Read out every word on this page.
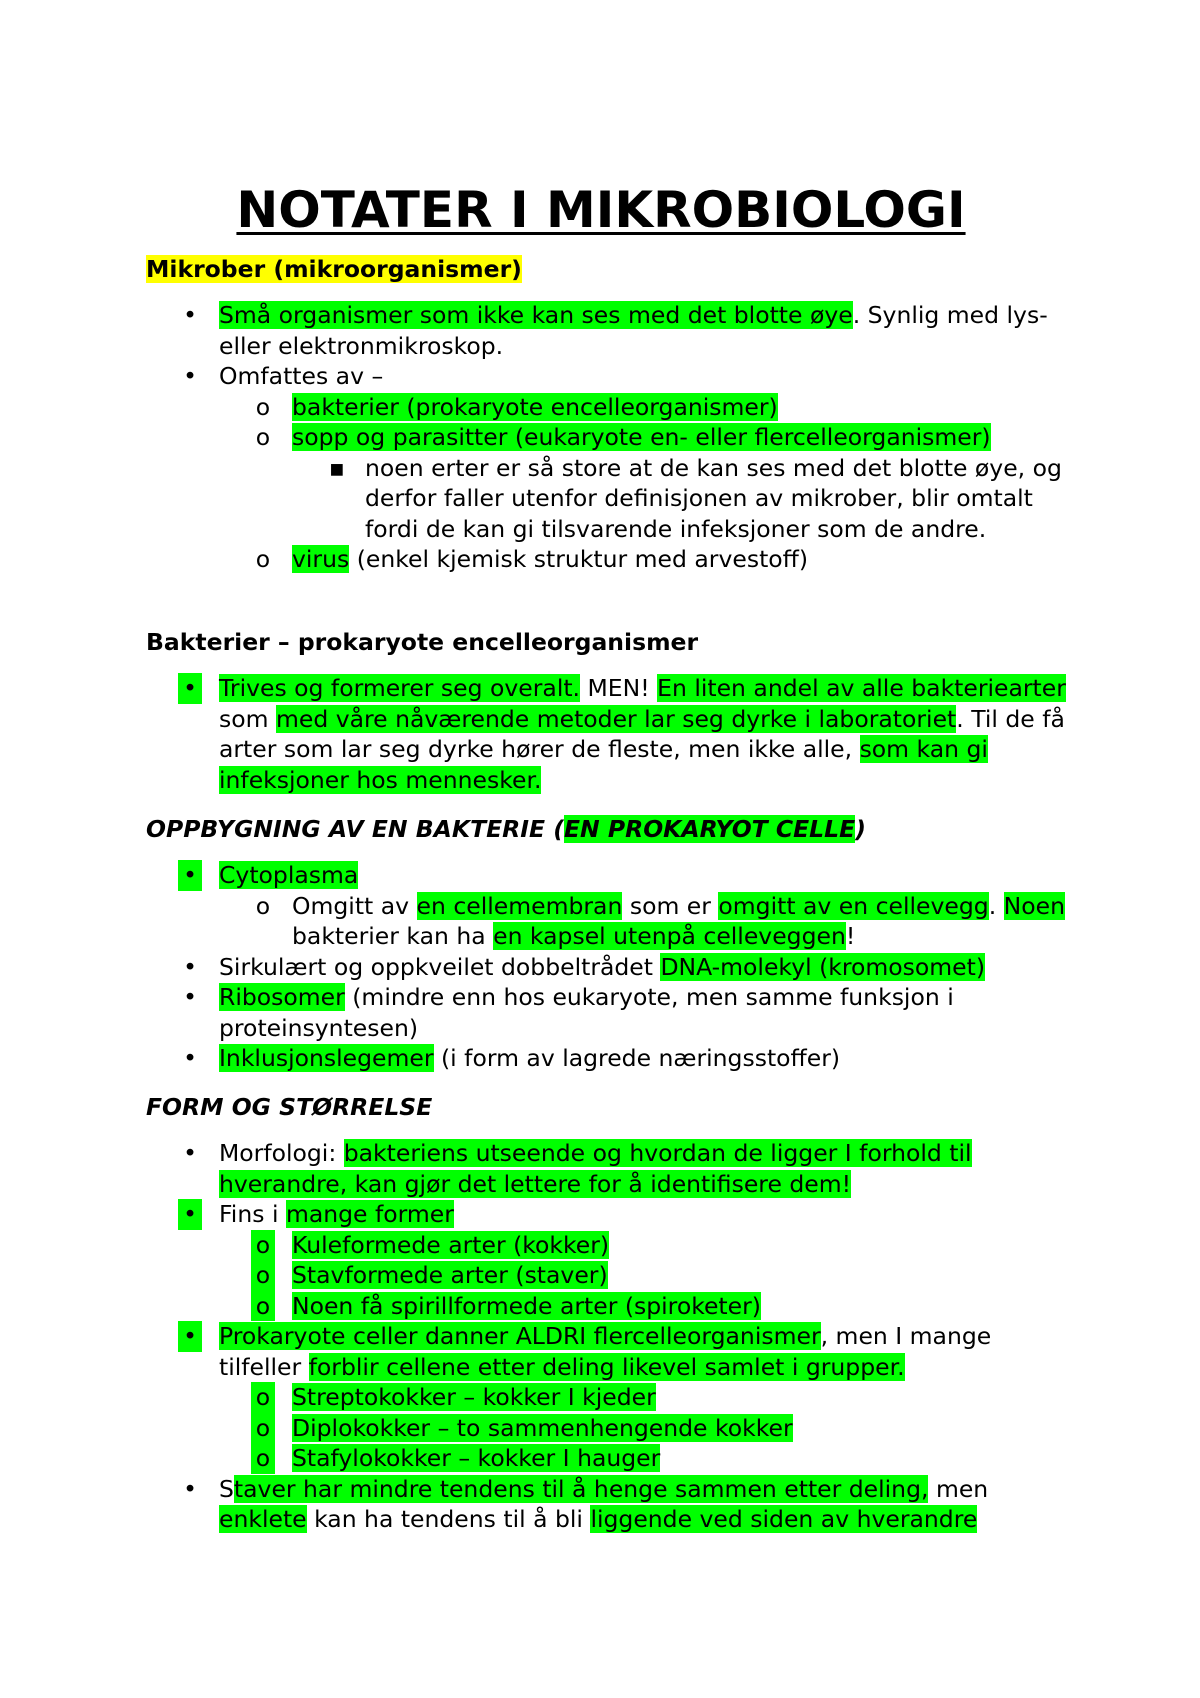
NOTATER I MIKROBIOLOGI
Mikrober (mikroorganismer)
• Små organismer som ikke kan ses med det blotte øye. Synlig med lys- eller elektronmikroskop.
• Omfattes av –
o bakterier (prokaryote encelleorganismer)
o sopp og parasitter (eukaryote en- eller flercelleorganismer)
▪ noen erter er så store at de kan ses med det blotte øye, og derfor faller utenfor definisjonen av mikrober, blir omtalt fordi de kan gi tilsvarende infeksjoner som de andre.
o virus (enkel kjemisk struktur med arvestoff)
Bakterier – prokaryote encelleorganismer
• Trives og formerer seg overalt. MEN! En liten andel av alle bakteriearter som med våre nåværende metoder lar seg dyrke i laboratoriet. Til de få arter som lar seg dyrke hører de fleste, men ikke alle, som kan gi infeksjoner hos mennesker.
OPPBYGNING AV EN BAKTERIE (EN PROKARYOT CELLE)
• Cytoplasma
o Omgitt av en cellemembran som er omgitt av en cellevegg. Noen bakterier kan ha en kapsel utenpå celleveggen!
• Sirkulært og oppkveilet dobbeltrådet DNA-molekyl (kromosomet)
• Ribosomer (mindre enn hos eukaryote, men samme funksjon i proteinsyntesen)
• Inklusjonslegemer (i form av lagrede næringsstoffer)
FORM OG STØRRELSE
• Morfologi: bakteriens utseende og hvordan de ligger I forhold til hverandre, kan gjør det lettere for å identifisere dem!
• Fins i mange former
o Kuleformede arter (kokker)
o Stavformede arter (staver)
o Noen få spirillformede arter (spiroketer)
• Prokaryote celler danner ALDRI flercelleorganismer, men I mange tilfeller forblir cellene etter deling likevel samlet i grupper.
o Streptokokker – kokker I kjeder
o Diplokokker – to sammenhengende kokker
o Stafylokokker – kokker I hauger
• Staver har mindre tendens til å henge sammen etter deling, men enklete kan ha tendens til å bli liggende ved siden av hverandre
